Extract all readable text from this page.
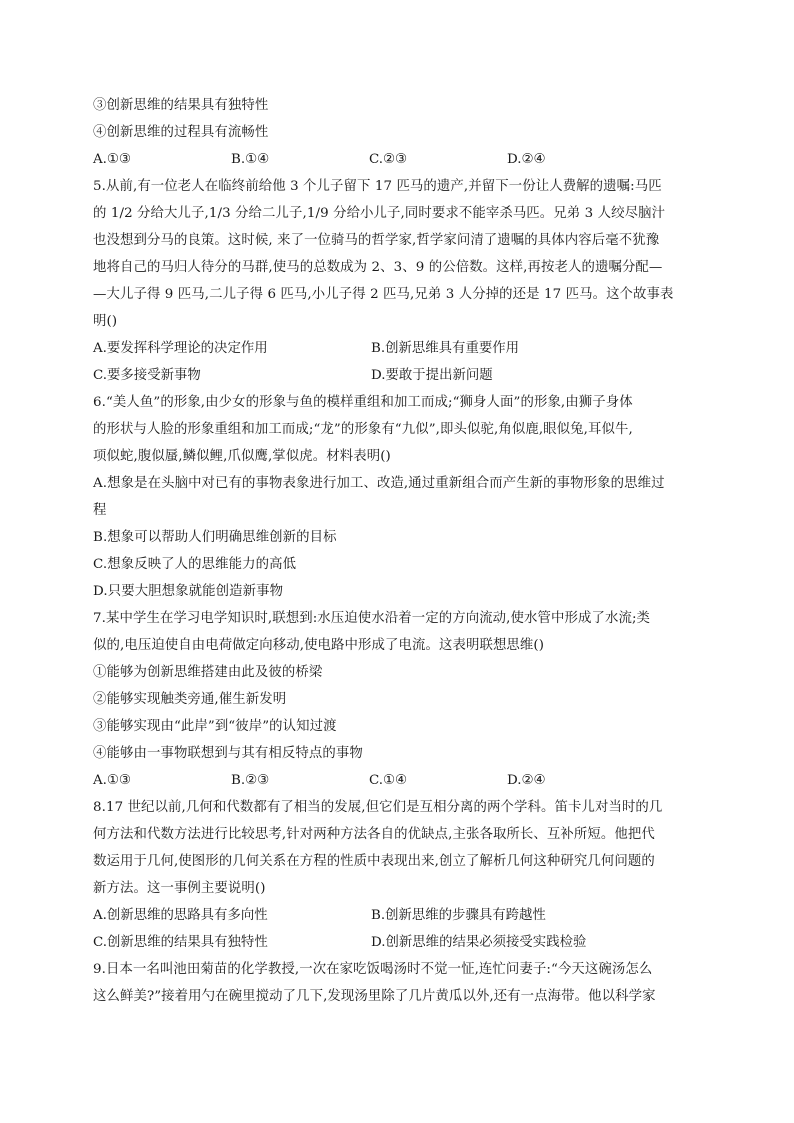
③创新思维的结果具有独特性
④创新思维的过程具有流畅性
A.①③	B.①④	C.②③	D.②④
5.从前,有一位老人在临终前给他 3 个儿子留下 17 匹马的遗产,并留下一份让人费解的遗嘱:马匹
的 1/2 分给大儿子,1/3 分给二儿子,1/9 分给小儿子,同时要求不能宰杀马匹。兄弟 3 人绞尽脑汁
也没想到分马的良策。这时候, 来了一位骑马的哲学家,哲学家问清了遗嘱的具体内容后毫不犹豫
地将自己的马归人待分的马群,使马的总数成为 2、3、9 的公倍数。这样,再按老人的遗嘱分配—
—大儿子得 9 匹马,二儿子得 6 匹马,小儿子得 2 匹马,兄弟 3 人分掉的还是 17 匹马。这个故事表
明()
A.要发挥科学理论的决定作用	B.创新思维具有重要作用
C.要多接受新事物	D.要敢于提出新问题
6.“美人鱼”的形象,由少女的形象与鱼的模样重组和加工而成;“狮身人面”的形象,由狮子身体
的形状与人脸的形象重组和加工而成;“龙”的形象有“九似”,即头似驼,角似鹿,眼似兔,耳似牛,
项似蛇,腹似蜃,鳞似鲤,爪似鹰,掌似虎。材料表明()
A.想象是在头脑中对已有的事物表象进行加工、改造,通过重新组合而产生新的事物形象的思维过
程
B.想象可以帮助人们明确思维创新的目标
C.想象反映了人的思维能力的高低
D.只要大胆想象就能创造新事物
7.某中学生在学习电学知识时,联想到:水压迫使水沿着一定的方向流动,使水管中形成了水流;类
似的,电压迫使自由电荷做定向移动,使电路中形成了电流。这表明联想思维()
①能够为创新思维搭建由此及彼的桥梁
②能够实现触类旁通,催生新发明
③能够实现由“此岸”到“彼岸”的认知过渡
④能够由一事物联想到与其有相反特点的事物
A.①③	B.②③	C.①④	D.②④
8.17 世纪以前,几何和代数都有了相当的发展,但它们是互相分离的两个学科。笛卡儿对当时的几
何方法和代数方法进行比较思考,针对两种方法各自的优缺点,主张各取所长、互补所短。他把代
数运用于几何,使图形的几何关系在方程的性质中表现出来,创立了解析几何这种研究几何问题的
新方法。这一事例主要说明()
A.创新思维的思路具有多向性	B.创新思维的步骤具有跨越性
C.创新思维的结果具有独特性	D.创新思维的结果必须接受实践检验
9.日本一名叫池田菊苗的化学教授,一次在家吃饭喝汤时不觉一怔,连忙问妻子:“今天这碗汤怎么
这么鲜美?”接着用勺在碗里搅动了几下,发现汤里除了几片黄瓜以外,还有一点海带。他以科学家
